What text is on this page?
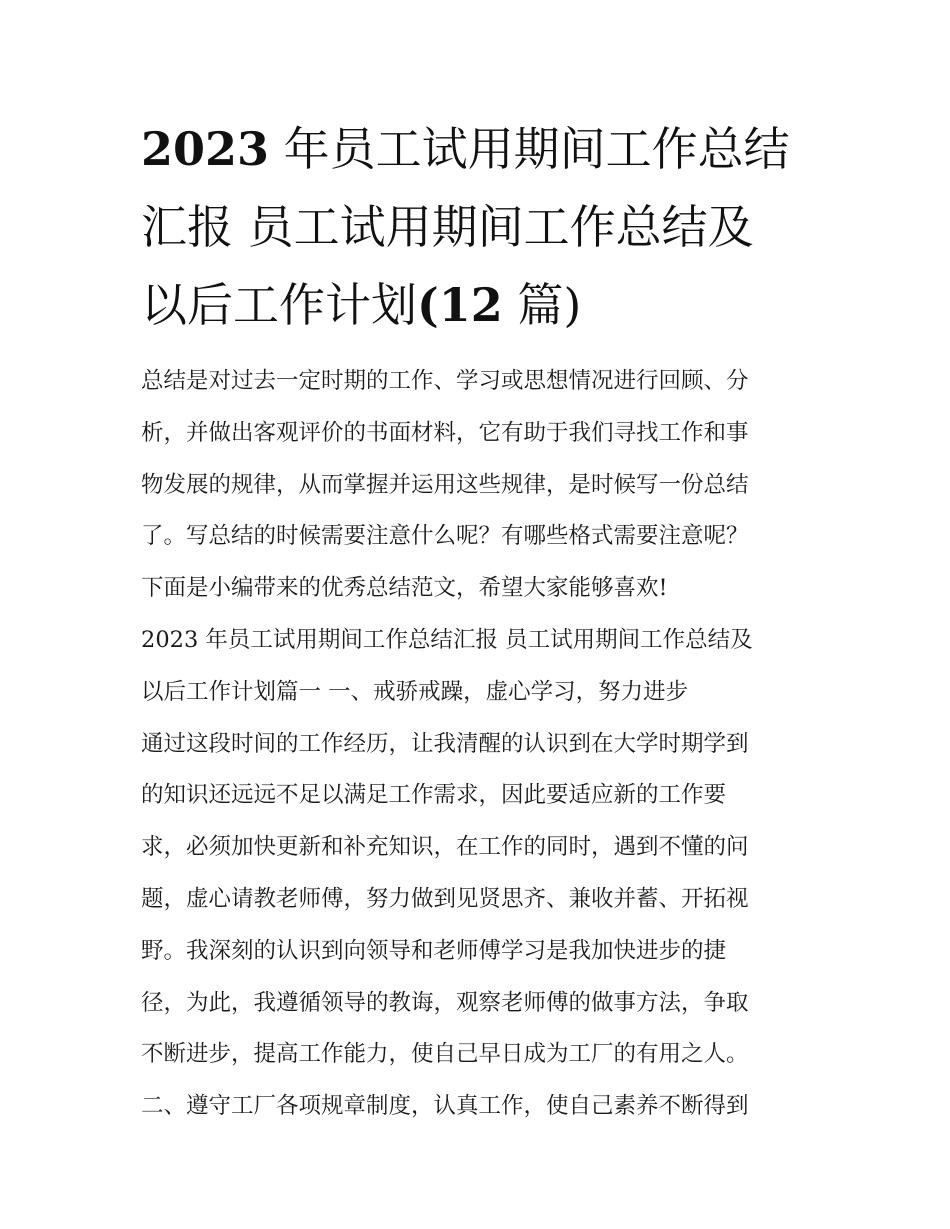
2023 年员工试用期间工作总结
汇报 员工试用期间工作总结及
以后工作计划(12 篇)
总结是对过去一定时期的工作、学习或思想情况进行回顾、分
析，并做出客观评价的书面材料，它有助于我们寻找工作和事
物发展的规律，从而掌握并运用这些规律，是时候写一份总结
了。写总结的时候需要注意什么呢？有哪些格式需要注意呢？
下面是小编带来的优秀总结范文，希望大家能够喜欢!
2023 年员工试用期间工作总结汇报 员工试用期间工作总结及
以后工作计划篇一 一、戒骄戒躁，虚心学习，努力进步
通过这段时间的工作经历，让我清醒的认识到在大学时期学到
的知识还远远不足以满足工作需求，因此要适应新的工作要
求，必须加快更新和补充知识，在工作的同时，遇到不懂的问
题，虚心请教老师傅，努力做到见贤思齐、兼收并蓄、开拓视
野。我深刻的认识到向领导和老师傅学习是我加快进步的捷
径，为此，我遵循领导的教诲，观察老师傅的做事方法，争取
不断进步，提高工作能力，使自己早日成为工厂的有用之人。
二、遵守工厂各项规章制度，认真工作，使自己素养不断得到
